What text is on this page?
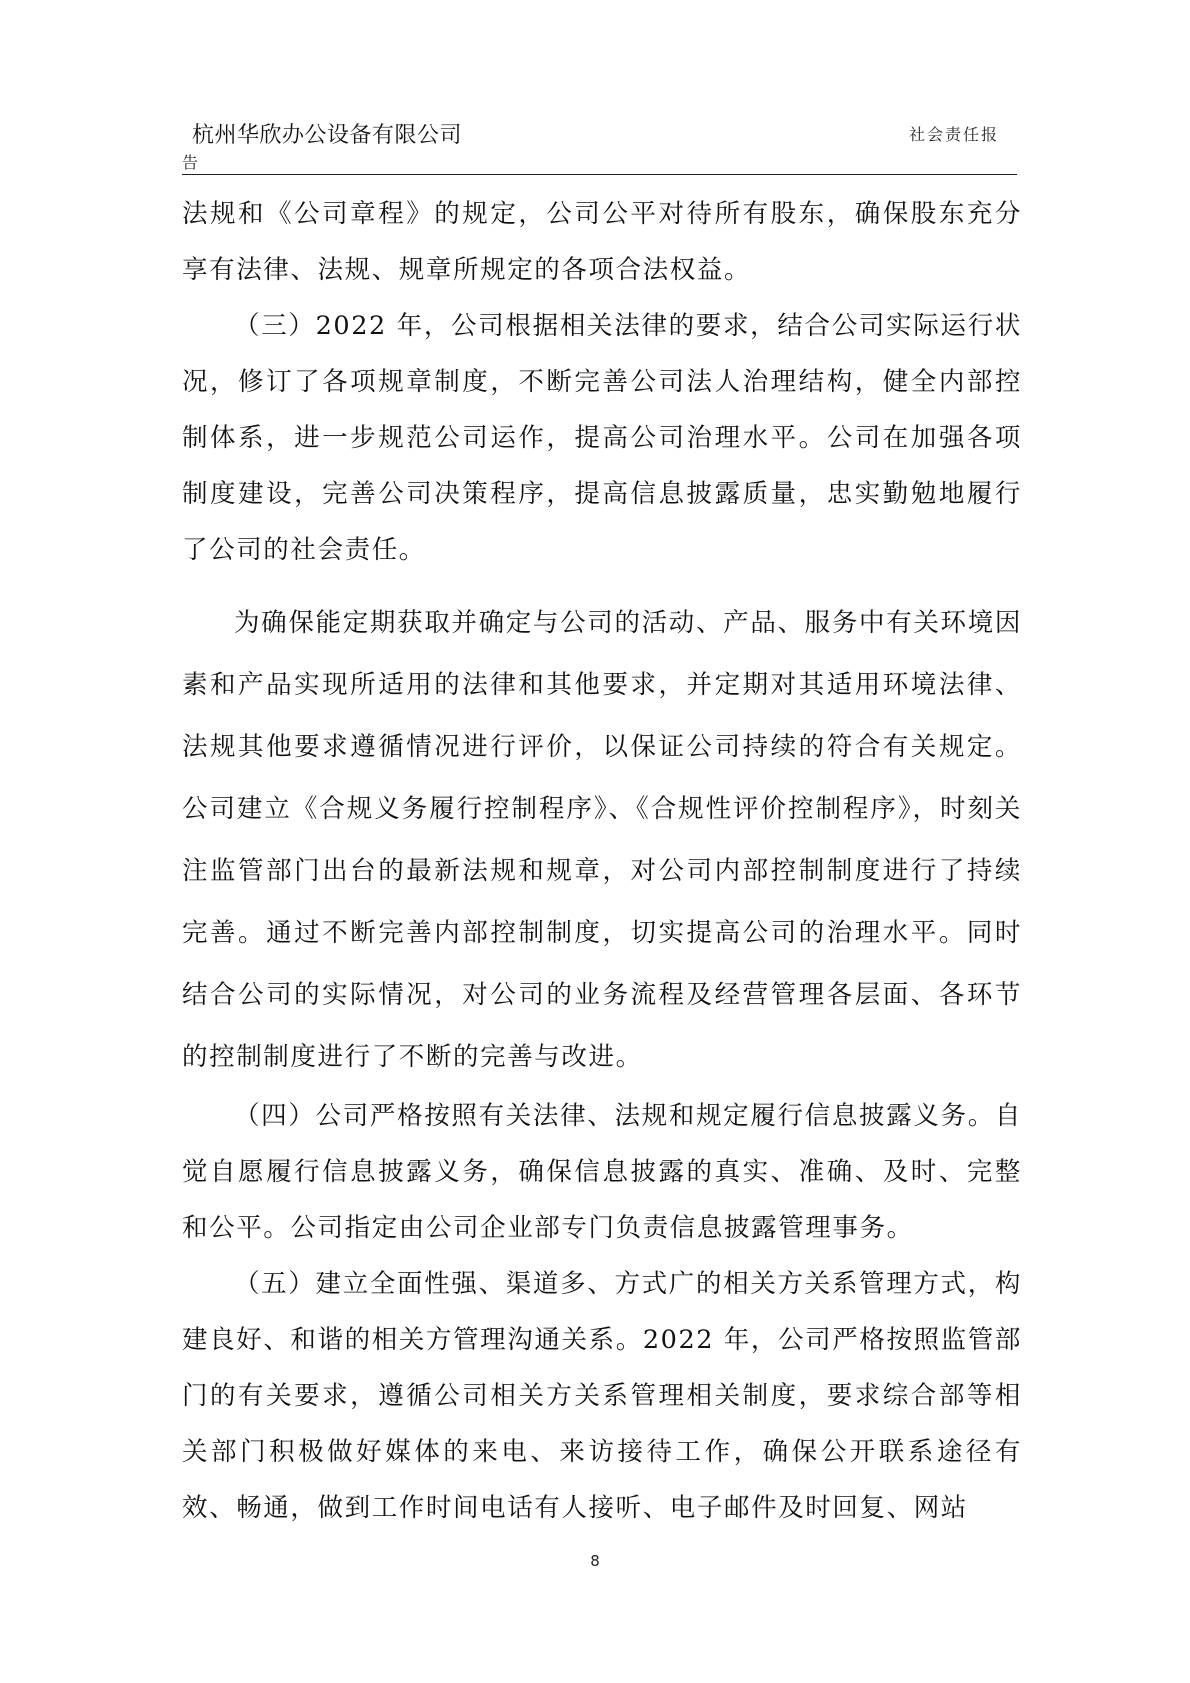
杭州华欣办公设备有限公司
告
社会责任报

法规和《公司章程》的规定，公司公平对待所有股东，确保股东充分享有法律、法规、规章所规定的各项合法权益。

（三）2022 年，公司根据相关法律的要求，结合公司实际运行状况，修订了各项规章制度，不断完善公司法人治理结构，健全内部控制体系，进一步规范公司运作，提高公司治理水平。公司在加强各项制度建设，完善公司决策程序，提高信息披露质量，忠实勤勉地履行了公司的社会责任。

为确保能定期获取并确定与公司的活动、产品、服务中有关环境因素和产品实现所适用的法律和其他要求，并定期对其适用环境法律、法规其他要求遵循情况进行评价，以保证公司持续的符合有关规定。公司建立《合规义务履行控制程序》、《合规性评价控制程序》，时刻关注监管部门出台的最新法规和规章，对公司内部控制制度进行了持续完善。通过不断完善内部控制制度，切实提高公司的治理水平。同时结合公司的实际情况，对公司的业务流程及经营管理各层面、各环节的控制制度进行了不断的完善与改进。

（四）公司严格按照有关法律、法规和规定履行信息披露义务。自觉自愿履行信息披露义务，确保信息披露的真实、准确、及时、完整和公平。公司指定由公司企业部专门负责信息披露管理事务。

（五）建立全面性强、渠道多、方式广的相关方关系管理方式，构建良好、和谐的相关方管理沟通关系。2022 年，公司严格按照监管部门的有关要求，遵循公司相关方关系管理相关制度，要求综合部等相关部门积极做好媒体的来电、来访接待工作，确保公开联系途径有效、畅通，做到工作时间电话有人接听、电子邮件及时回复、网站

8
